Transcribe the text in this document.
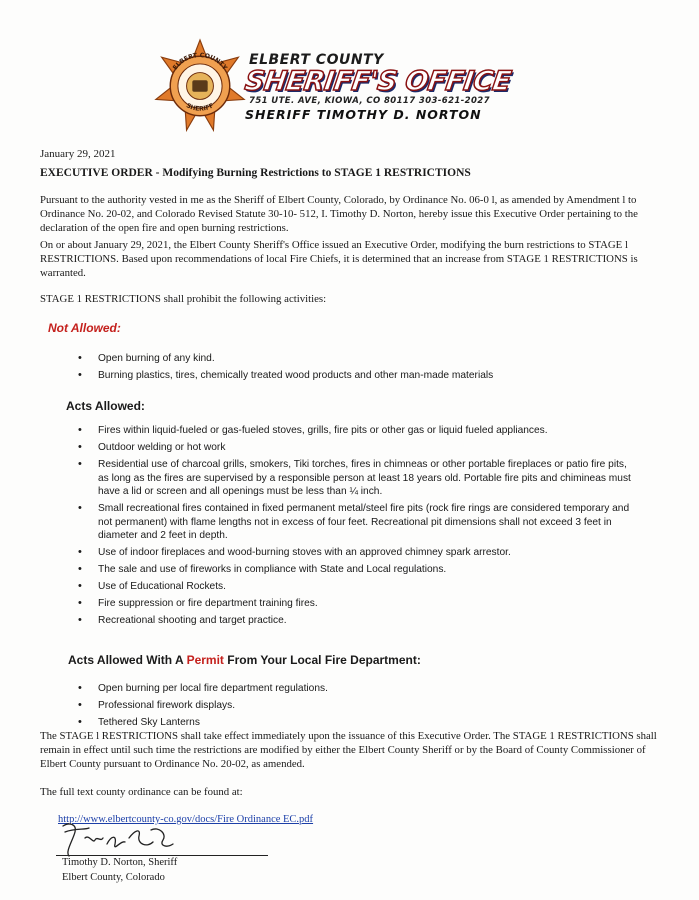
ELBERT COUNTY
SHERIFF
ELBERT COUNTY
SHERIFF'S OFFICE
751 UTE. AVE, KIOWA, CO 80117 303-621-2027
SHERIFF TIMOTHY D. NORTON
January 29, 2021
EXECUTIVE ORDER - Modifying Burning Restrictions to STAGE 1 RESTRICTIONS

Pursuant to the authority vested in me as the Sheriff of Elbert County, Colorado, by Ordinance No. 06-0 l, as amended by Amendment l to Ordinance No. 20-02, and Colorado Revised Statute 30-10- 512, I. Timothy D. Norton, hereby issue this Executive Order pertaining to the declaration of the open fire and open burning restrictions.

On or about January 29, 2021, the Elbert County Sheriff's Office issued an Executive Order, modifying the burn restrictions to STAGE l RESTRICTIONS. Based upon recommendations of local Fire Chiefs, it is determined that an increase from STAGE 1 RESTRICTIONS is warranted.

STAGE 1 RESTRICTIONS shall prohibit the following activities:

Not Allowed:
• Open burning of any kind.
• Burning plastics, tires, chemically treated wood products and other man-made materials
Acts Allowed:
• Fires within liquid-fueled or gas-fueled stoves, grills, fire pits or other gas or liquid fueled appliances.
• Outdoor welding or hot work
• Residential use of charcoal grills, smokers, Tiki torches, fires in chimneas or other portable fireplaces or patio fire pits, as long as the fires are supervised by a responsible person at least 18 years old. Portable fire pits and chimineas must have a lid or screen and all openings must be less than ¼ inch.
• Small recreational fires contained in fixed permanent metal/steel fire pits (rock fire rings are considered temporary and not permanent) with flame lengths not in excess of four feet. Recreational pit dimensions shall not exceed 3 feet in diameter and 2 feet in depth.
• Use of indoor fireplaces and wood-burning stoves with an approved chimney spark arrestor.
• The sale and use of fireworks in compliance with State and Local regulations.
• Use of Educational Rockets.
• Fire suppression or fire department training fires.
• Recreational shooting and target practice.
Acts Allowed With A Permit From Your Local Fire Department:
• Open burning per local fire department regulations.
• Professional firework displays.
• Tethered Sky Lanterns

The STAGE l RESTRICTIONS shall take effect immediately upon the issuance of this Executive Order. The STAGE 1 RESTRICTIONS shall remain in effect until such time the restrictions are modified by either the Elbert County Sheriff or by the Board of County Commissioner of Elbert County pursuant to Ordinance No. 20-02, as amended.

The full text county ordinance can be found at:

http://www.elbertcounty-co.gov/docs/Fire Ordinance EC.pdf
Timothy D. Norton, Sheriff
Elbert County, Colorado
